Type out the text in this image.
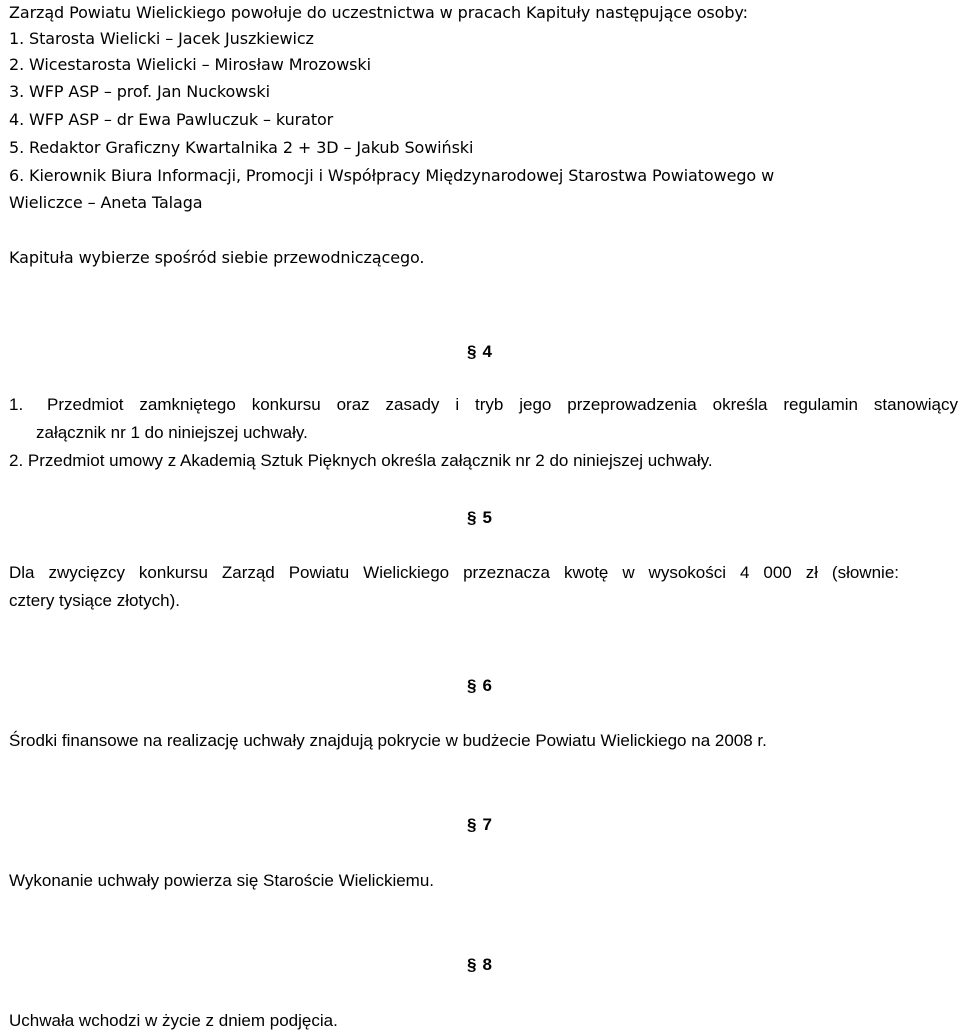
Zarząd Powiatu Wielickiego powołuje do uczestnictwa w pracach Kapituły następujące osoby:
1. Starosta Wielicki – Jacek Juszkiewicz
2. Wicestarosta Wielicki – Mirosław Mrozowski
3. WFP ASP – prof. Jan Nuckowski
4. WFP ASP – dr Ewa Pawluczuk – kurator
5. Redaktor Graficzny Kwartalnika 2 + 3D – Jakub Sowiński
6. Kierownik Biura Informacji, Promocji i Współpracy Międzynarodowej Starostwa Powiatowego w
Wieliczce – Aneta Talaga
Kapituła wybierze spośród siebie przewodniczącego.
§ 4
1. Przedmiot zamkniętego konkursu oraz zasady i tryb jego przeprowadzenia określa regulamin stanowiący
załącznik nr 1 do niniejszej uchwały.
2. Przedmiot umowy z Akademią Sztuk Pięknych określa załącznik nr 2 do niniejszej uchwały.
§ 5
Dla zwycięzcy konkursu Zarząd Powiatu Wielickiego przeznacza kwotę w wysokości 4 000 zł (słownie:
cztery tysiące złotych).
§ 6
Środki finansowe na realizację uchwały znajdują pokrycie w budżecie Powiatu Wielickiego na 2008 r.
§ 7
Wykonanie uchwały powierza się Staroście Wielickiemu.
§ 8
Uchwała wchodzi w życie z dniem podjęcia.
